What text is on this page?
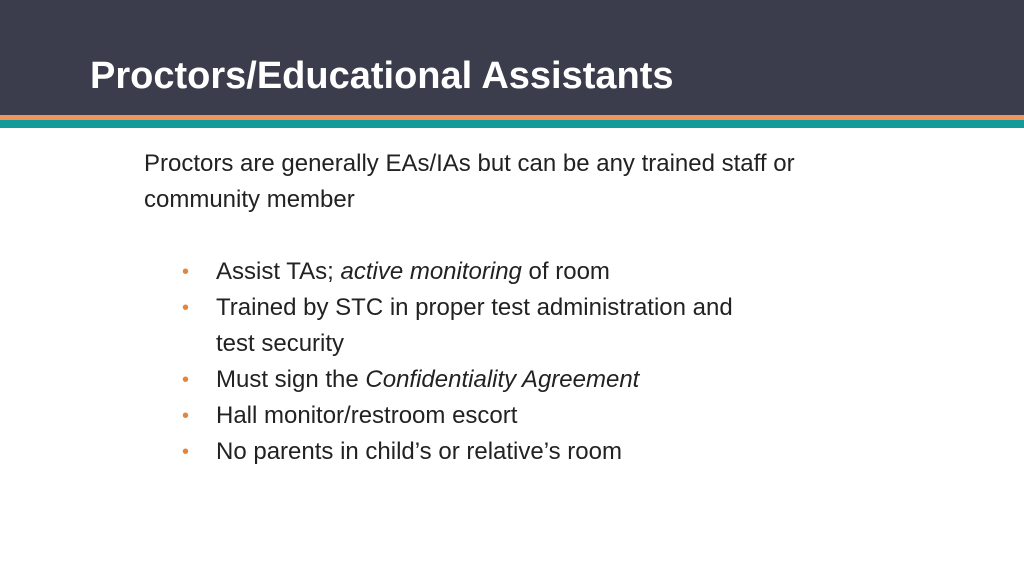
Proctors/Educational Assistants

Proctors are generally EAs/IAs but can be any trained staff or community member

• Assist TAs; active monitoring of room
• Trained by STC in proper test administration and test security
• Must sign the Confidentiality Agreement
• Hall monitor/restroom escort
• No parents in child’s or relative’s room
